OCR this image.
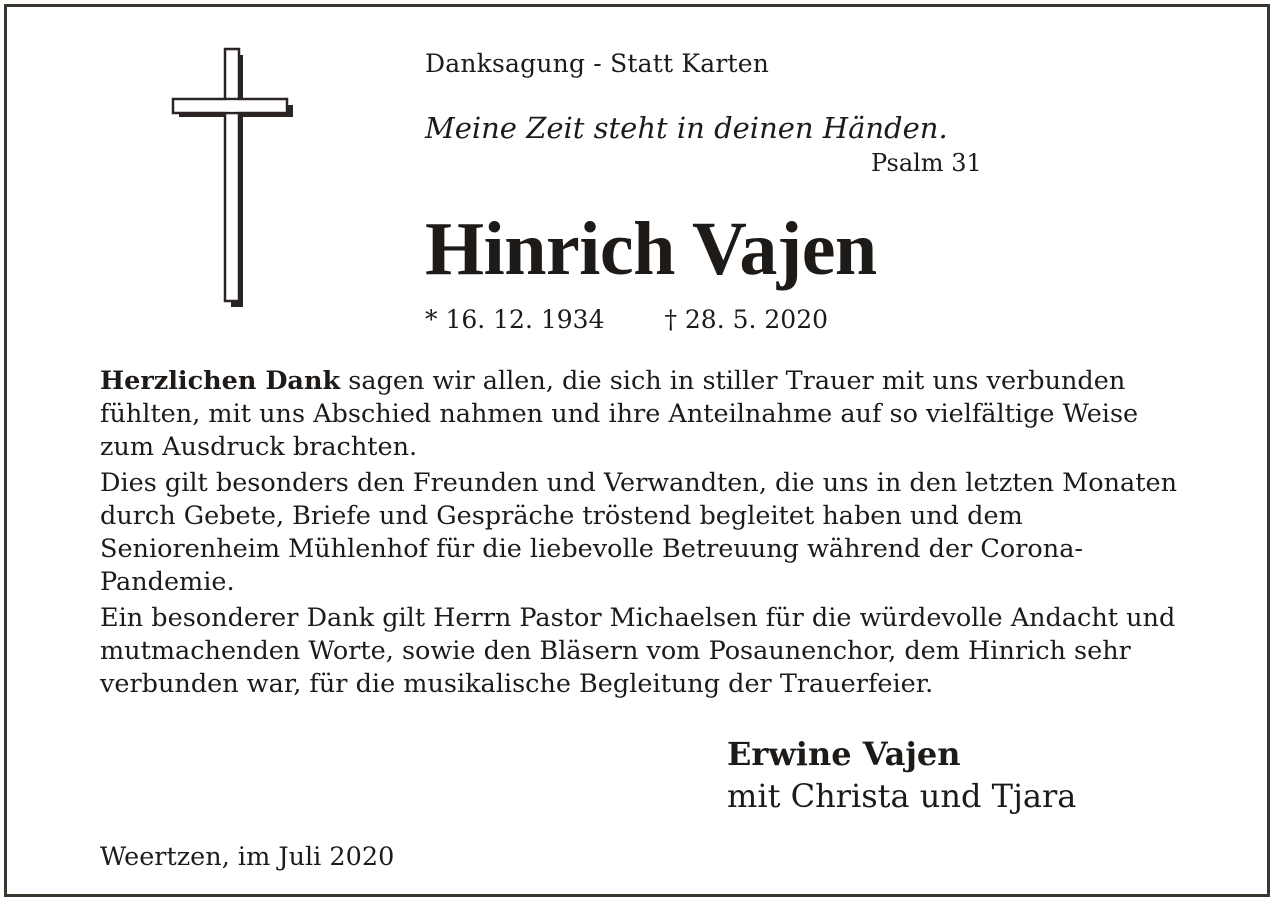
Danksagung - Statt Karten
Meine Zeit steht in deinen Händen.
Psalm 31
Hinrich Vajen
* 16. 12. 1934 † 28. 5. 2020

Herzlichen Dank sagen wir allen, die sich in stiller Trauer mit uns verbunden fühlten, mit uns Abschied nahmen und ihre Anteilnahme auf so vielfältige Weise zum Ausdruck brachten.

Dies gilt besonders den Freunden und Verwandten, die uns in den letzten Monaten durch Gebete, Briefe und Gespräche tröstend begleitet haben und dem Seniorenheim Mühlenhof für die liebevolle Betreuung während der Corona-Pandemie.

Ein besonderer Dank gilt Herrn Pastor Michaelsen für die würdevolle Andacht und mutmachenden Worte, sowie den Bläsern vom Posaunenchor, dem Hinrich sehr verbunden war, für die musikalische Begleitung der Trauerfeier.

Erwine Vajen
mit Christa und Tjara
Weertzen, im Juli 2020
